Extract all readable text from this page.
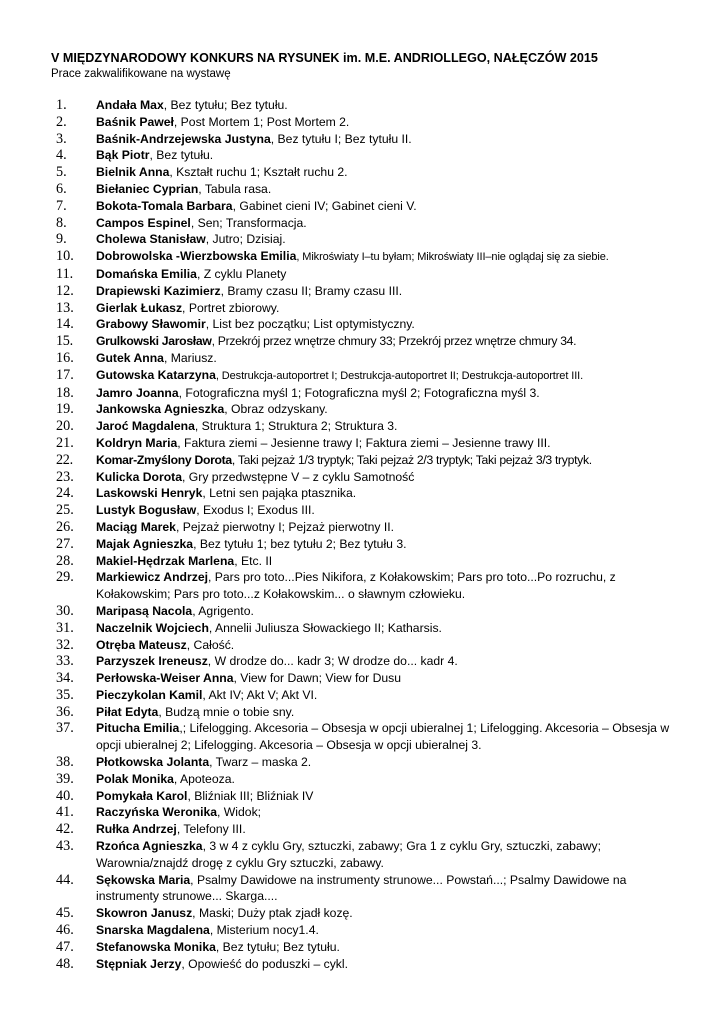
V MIĘDZYNARODOWY KONKURS NA RYSUNEK im. M.E. ANDRIOLLEGO, NAŁĘCZÓW 2015
Prace zakwalifikowane na wystawę
1.	Andała Max, Bez tytułu; Bez tytułu.
2.	Baśnik Paweł, Post Mortem 1; Post Mortem 2.
3.	Baśnik-Andrzejewska Justyna, Bez tytułu I; Bez tytułu II.
4.	Bąk Piotr, Bez tytułu.
5.	Bielnik Anna, Kształt ruchu 1; Kształt ruchu 2.
6.	Biełaniec Cyprian, Tabula rasa.
7.	Bokota-Tomala Barbara, Gabinet cieni IV; Gabinet cieni V.
8.	Campos Espinel, Sen; Transformacja.
9.	Cholewa Stanisław, Jutro; Dzisiaj.
10.	Dobrowolska -Wierzbowska Emilia, Mikroświaty I–tu byłam; Mikroświaty III–nie oglądaj się za siebie.
11.	Domańska Emilia, Z cyklu Planety
12.	Drapiewski Kazimierz, Bramy czasu II; Bramy czasu III.
13.	Gierlak Łukasz, Portret zbiorowy.
14.	Grabowy Sławomir, List bez początku; List optymistyczny.
15.	Grulkowski Jarosław, Przekrój przez wnętrze chmury 33; Przekrój przez wnętrze chmury 34.
16.	Gutek Anna, Mariusz.
17.	Gutowska Katarzyna, Destrukcja-autoportret I; Destrukcja-autoportret II; Destrukcja-autoportret III.
18.	Jamro Joanna, Fotograficzna myśl 1; Fotograficzna myśl 2; Fotograficzna myśl 3.
19.	Jankowska Agnieszka, Obraz odzyskany.
20.	Jaroć Magdalena, Struktura 1; Struktura 2; Struktura 3.
21.	Koldryn Maria, Faktura ziemi – Jesienne trawy I; Faktura ziemi – Jesienne trawy III.
22.	Komar-Zmyślony Dorota, Taki pejzaż 1/3 tryptyk; Taki pejzaż 2/3 tryptyk; Taki pejzaż 3/3 tryptyk.
23.	Kulicka Dorota, Gry przedwstępne V – z cyklu Samotność
24.	Laskowski Henryk, Letni sen pająka ptasznika.
25.	Lustyk Bogusław, Exodus I; Exodus III.
26.	Maciąg Marek, Pejzaż pierwotny I; Pejzaż pierwotny II.
27.	Majak Agnieszka, Bez tytułu 1; bez tytułu 2; Bez tytułu 3.
28.	Makiel-Hędrzak Marlena, Etc. II
29.	Markiewicz Andrzej, Pars pro toto...Pies Nikifora, z Kołakowskim; Pars pro toto...Po rozruchu, z Kołakowskim; Pars pro toto...z Kołakowskim... o sławnym człowieku.
30.	Maripasą Nacola, Agrigento.
31.	Naczelnik Wojciech, Annelii Juliusza Słowackiego II; Katharsis.
32.	Otręba Mateusz, Całość.
33.	Parzyszek Ireneusz, W drodze do... kadr 3; W drodze do... kadr 4.
34.	Perłowska-Weiser Anna, View for Dawn; View for Dusu
35.	Pieczykolan Kamil, Akt IV; Akt V; Akt VI.
36.	Piłat Edyta, Budzą mnie o tobie sny.
37.	Pitucha Emilia,; Lifelogging. Akcesoria – Obsesja w opcji ubieralnej 1; Lifelogging. Akcesoria – Obsesja w opcji ubieralnej 2; Lifelogging. Akcesoria – Obsesja w opcji ubieralnej 3.
38.	Płotkowska Jolanta, Twarz – maska 2.
39.	Polak Monika, Apoteoza.
40.	Pomykała Karol, Bliźniak III; Bliźniak IV
41.	Raczyńska Weronika, Widok;
42.	Rułka Andrzej, Telefony III.
43.	Rzońca Agnieszka, 3 w 4 z cyklu Gry, sztuczki, zabawy; Gra 1 z cyklu Gry, sztuczki, zabawy; Warownia/znajdź drogę z cyklu Gry sztuczki, zabawy.
44.	Sękowska Maria, Psalmy Dawidowe na instrumenty strunowe... Powstań...; Psalmy Dawidowe na instrumenty strunowe... Skarga....
45.	Skowron Janusz, Maski; Duży ptak zjadł kozę.
46.	Snarska Magdalena, Misterium nocy1.4.
47.	Stefanowska Monika, Bez tytułu; Bez tytułu.
48.	Stępniak Jerzy, Opowieść do poduszki – cykl.
